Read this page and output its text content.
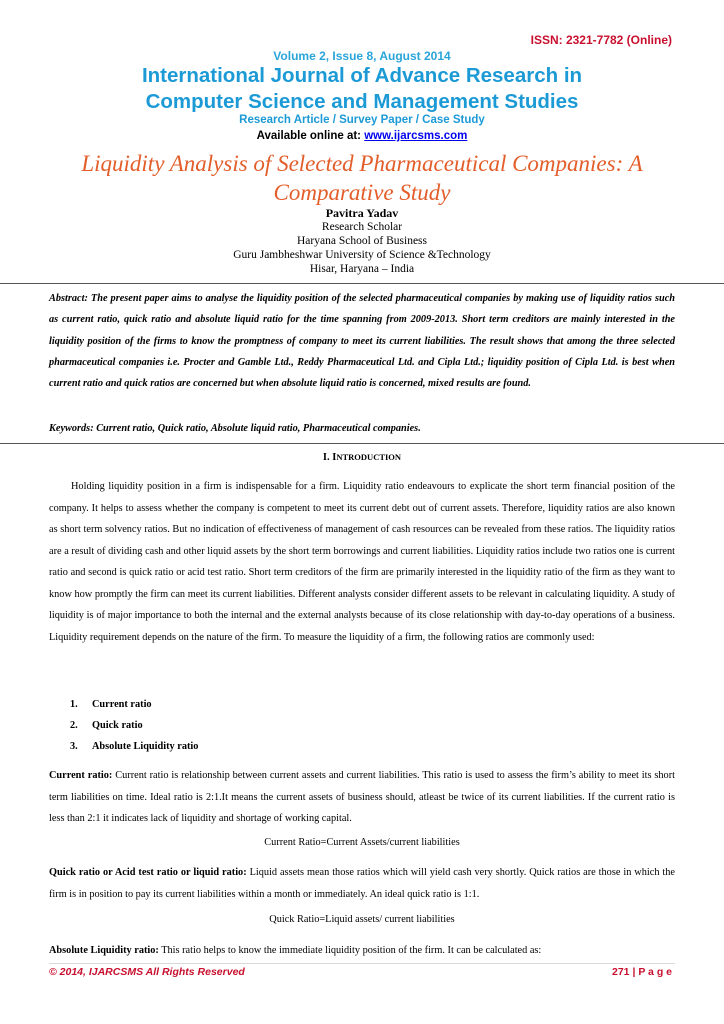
ISSN: 2321-7782 (Online)
Volume 2, Issue 8, August 2014
International Journal of Advance Research in
Computer Science and Management Studies
Research Article / Survey Paper / Case Study
Available online at: www.ijarcsms.com
Liquidity Analysis of Selected Pharmaceutical Companies: A
Comparative Study
Pavitra Yadav
Research Scholar
Haryana School of Business
Guru Jambheshwar University of Science &Technology
Hisar, Haryana – India
Abstract: The present paper aims to analyse the liquidity position of the selected pharmaceutical companies by making use of liquidity ratios such as current ratio, quick ratio and absolute liquid ratio for the time spanning from 2009-2013. Short term creditors are mainly interested in the liquidity position of the firms to know the promptness of company to meet its current liabilities. The result shows that among the three selected pharmaceutical companies i.e. Procter and Gamble Ltd., Reddy Pharmaceutical Ltd. and Cipla Ltd.; liquidity position of Cipla Ltd. is best when current ratio and quick ratios are concerned but when absolute liquid ratio is concerned, mixed results are found.
Keywords: Current ratio, Quick ratio, Absolute liquid ratio, Pharmaceutical companies.
I. INTRODUCTION
Holding liquidity position in a firm is indispensable for a firm. Liquidity ratio endeavours to explicate the short term financial position of the company. It helps to assess whether the company is competent to meet its current debt out of current assets. Therefore, liquidity ratios are also known as short term solvency ratios. But no indication of effectiveness of management of cash resources can be revealed from these ratios. The liquidity ratios are a result of dividing cash and other liquid assets by the short term borrowings and current liabilities. Liquidity ratios include two ratios one is current ratio and second is quick ratio or acid test ratio. Short term creditors of the firm are primarily interested in the liquidity ratio of the firm as they want to know how promptly the firm can meet its current liabilities. Different analysts consider different assets to be relevant in calculating liquidity. A study of liquidity is of major importance to both the internal and the external analysts because of its close relationship with day-to-day operations of a business. Liquidity requirement depends on the nature of the firm. To measure the liquidity of a firm, the following ratios are commonly used:
1. Current ratio
2. Quick ratio
3. Absolute Liquidity ratio
Current ratio: Current ratio is relationship between current assets and current liabilities. This ratio is used to assess the firm’s ability to meet its short term liabilities on time. Ideal ratio is 2:1.It means the current assets of business should, atleast be twice of its current liabilities. If the current ratio is less than 2:1 it indicates lack of liquidity and shortage of working capital.
Current Ratio=Current Assets/current liabilities
Quick ratio or Acid test ratio or liquid ratio: Liquid assets mean those ratios which will yield cash very shortly. Quick ratios are those in which the firm is in position to pay its current liabilities within a month or immediately. An ideal quick ratio is 1:1.
Quick Ratio=Liquid assets/ current liabilities
Absolute Liquidity ratio: This ratio helps to know the immediate liquidity position of the firm. It can be calculated as:
© 2014, IJARCSMS All Rights Reserved	271 | P a g e
